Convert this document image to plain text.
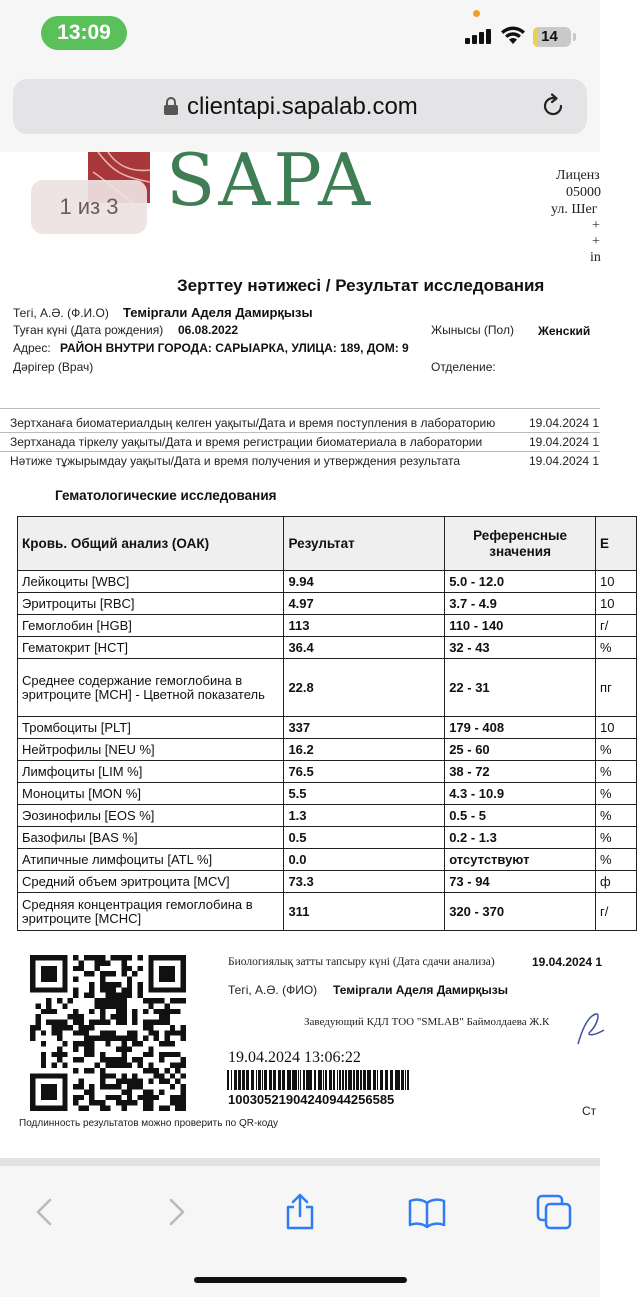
13:09	14
clientapi.sapalab.com
SAPA
1 из 3
Лиценз
05000
ул. Шег
+
+
in
Зерттеу нәтижесі / Результат исследования
Тегі, А.Ә. (Ф.И.О) Теміргали Аделя Дамирқызы
Туған күні (Дата рождения) 06.08.2022	Жынысы (Пол) Женский
Адрес: РАЙОН ВНУТРИ ГОРОДА: САРЫАРКА, УЛИЦА: 189, ДОМ: 9
Дәрігер (Врач)	Отделение:
Зертханаға биоматериалдың келген уақыты/Дата и время поступления в лабораторию	19.04.2024 1
Зертханада тіркелу уақыты/Дата и время регистрации биоматериала в лаборатории	19.04.2024 1
Нәтиже тұжырымдау уақыты/Дата и время получения и утверждения результата	19.04.2024 1
Гематологические исследования
Кровь. Общий анализ (ОАК)	Результат	Референсные значения	Е
Лейкоциты [WBC]	9.94	5.0 - 12.0	10
Эритроциты [RBC]	4.97	3.7 - 4.9	10
Гемоглобин [HGB]	113	110 - 140	г/
Гематокрит [HCT]	36.4	32 - 43	%
Среднее содержание гемоглобина в эритроците [MCH] - Цветной показатель	22.8	22 - 31	пг
Тромбоциты [PLT]	337	179 - 408	10
Нейтрофилы [NEU %]	16.2	25 - 60	%
Лимфоциты [LIM %]	76.5	38 - 72	%
Моноциты [MON %]	5.5	4.3 - 10.9	%
Эозинофилы [EOS %]	1.3	0.5 - 5	%
Базофилы [BAS %]	0.5	0.2 - 1.3	%
Атипичные лимфоциты [ATL %]	0.0	отсутствуют	%
Средний объем эритроцита [MCV]	73.3	73 - 94	ф
Средняя концентрация гемоглобина в эритроците [MCHC]	311	320 - 370	г/
Биологиялық затты тапсыру күні (Дата сдачи анализа)	19.04.2024 1
Тегі, А.Ә. (ФИО) Теміргали Аделя Дамирқызы
Заведующий КДЛ ТОО "SMLAB" Баймолдаева Ж.К
19.04.2024 13:06:22
10030521904240944256585
Ст
Подлинность результатов можно проверить по QR-коду
